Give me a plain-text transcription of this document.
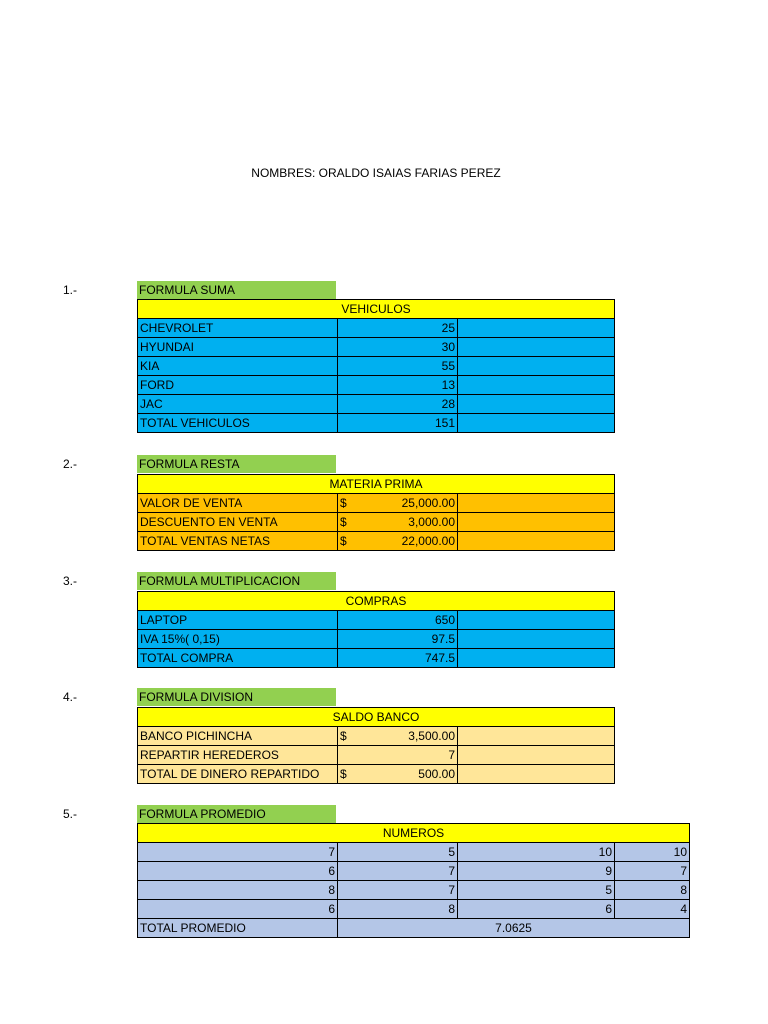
NOMBRES: ORALDO ISAIAS FARIAS PEREZ
1.-	FORMULA SUMA
VEHICULOS		
CHEVROLET	25	
HYUNDAI	30	
KIA	55	
FORD	13	
JAC	28	
TOTAL VEHICULOS	151	
2.-	FORMULA RESTA
MATERIA PRIMA		
VALOR DE VENTA	$ 25,000.00	

DESCUENTO EN VENTA	$ 3,000.00	

TOTAL VENTAS NETAS	$ 22,000.00	

3.-	FORMULA MULTIPLICACION
COMPRAS		
LAPTOP	650	
IVA 15%( 0,15)	97.5	
TOTAL COMPRA	747.5	
4.-	FORMULA DIVISION
SALDO BANCO		
BANCO PICHINCHA	$ 3,500.00	

REPARTIR HEREDEROS	7	

TOTAL DE DINERO REPARTIDO	$ 500.00	

5.-	FORMULA PROMEDIO
NUMEROS			
7	5	10	10
6	7	9	7
8	7	5	8
6	8	6	4
TOTAL PROMEDIO	7.0625		
